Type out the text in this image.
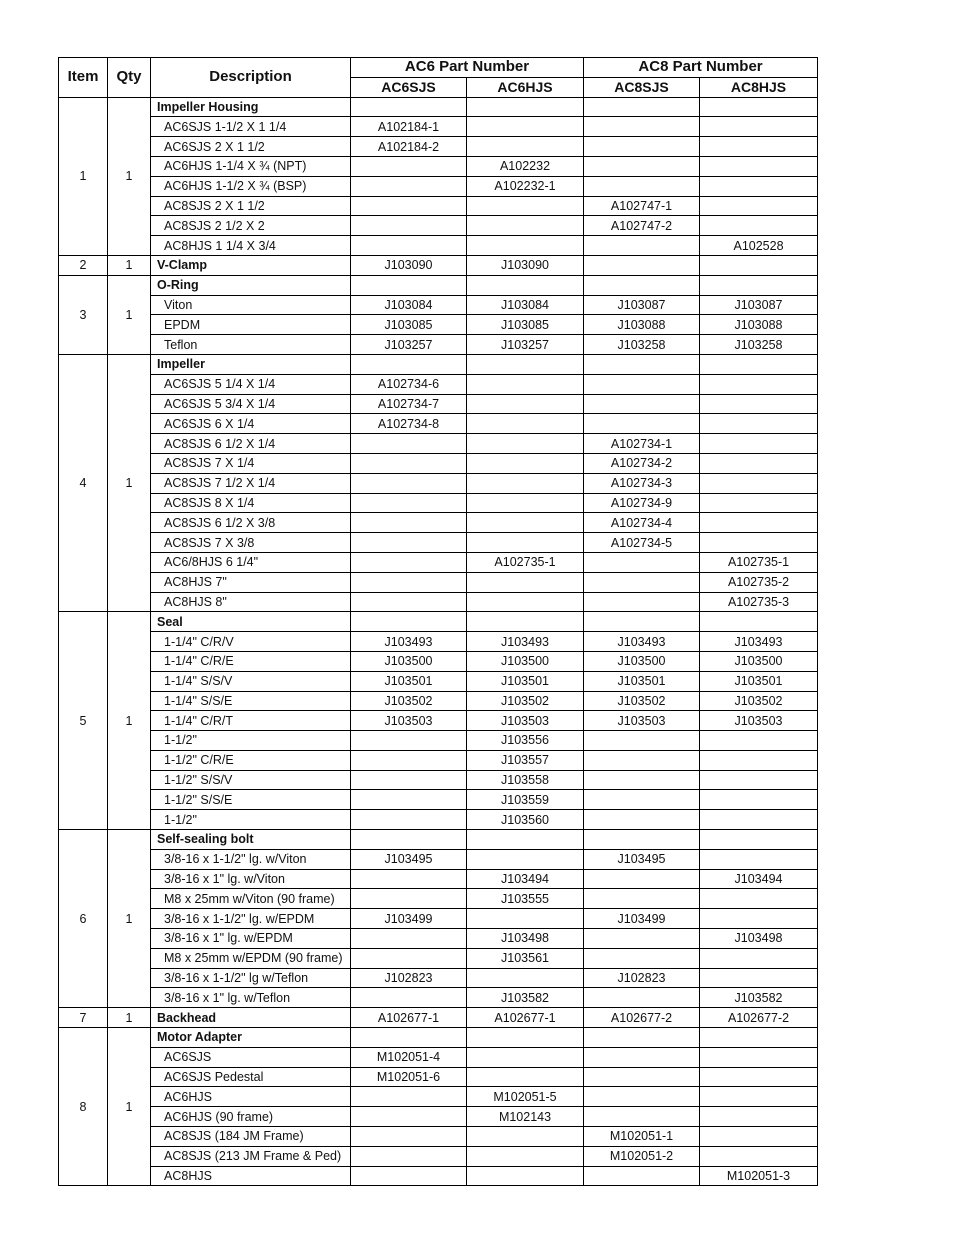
Item	Qty	Description	AC6 Part Number		AC8 Part Number	
			AC6SJS	AC6HJS	AC8SJS	AC8HJS
1	1	Impeller Housing				
		AC6SJS 1-1/2 X 1 1/4	A102184-1			
		AC6SJS 2 X 1 1/2	A102184-2			
		AC6HJS 1-1/4 X ¾ (NPT)		A102232		
		AC6HJS 1-1/2 X ¾ (BSP)		A102232-1		
		AC8SJS 2 X 1 1/2			A102747-1	
		AC8SJS 2 1/2 X 2			A102747-2	
		AC8HJS 1 1/4 X 3/4				A102528
2	1	V-Clamp	J103090	J103090		
3	1	O-Ring				
		Viton	J103084	J103084	J103087	J103087
		EPDM	J103085	J103085	J103088	J103088
		Teflon	J103257	J103257	J103258	J103258
4	1	Impeller				
		AC6SJS 5 1/4 X 1/4	A102734-6			
		AC6SJS 5 3/4 X 1/4	A102734-7			
		AC6SJS 6 X 1/4	A102734-8			
		AC8SJS 6 1/2 X 1/4			A102734-1	
		AC8SJS 7 X 1/4			A102734-2	
		AC8SJS 7 1/2 X 1/4			A102734-3	
		AC8SJS 8 X 1/4			A102734-9	
		AC8SJS 6 1/2 X 3/8			A102734-4	
		AC8SJS 7 X 3/8			A102734-5	
		AC6/8HJS 6 1/4"		A102735-1		A102735-1
		AC8HJS 7"				A102735-2
		AC8HJS 8"				A102735-3
5	1	Seal				
		1-1/4" C/R/V	J103493	J103493	J103493	J103493
		1-1/4" C/R/E	J103500	J103500	J103500	J103500
		1-1/4" S/S/V	J103501	J103501	J103501	J103501
		1-1/4" S/S/E	J103502	J103502	J103502	J103502
		1-1/4" C/R/T	J103503	J103503	J103503	J103503
		1-1/2"		J103556		
		1-1/2" C/R/E		J103557		
		1-1/2" S/S/V		J103558		
		1-1/2" S/S/E		J103559		
		1-1/2"		J103560		
6	1	Self-sealing bolt				
		3/8-16 x 1-1/2" lg. w/Viton	J103495		J103495	
		3/8-16 x 1" lg. w/Viton		J103494		J103494
		M8 x 25mm w/Viton (90 frame)		J103555		
		3/8-16 x 1-1/2" lg. w/EPDM	J103499		J103499	
		3/8-16 x 1" lg. w/EPDM		J103498		J103498
		M8 x 25mm w/EPDM (90 frame)		J103561		
		3/8-16 x 1-1/2" lg w/Teflon	J102823		J102823	
		3/8-16 x 1" lg. w/Teflon		J103582		J103582
7	1	Backhead	A102677-1	A102677-1	A102677-2	A102677-2
8	1	Motor Adapter				
		AC6SJS	M102051-4			
		AC6SJS Pedestal	M102051-6			
		AC6HJS		M102051-5		
		AC6HJS (90 frame)		M102143		
		AC8SJS (184 JM Frame)			M102051-1	
		AC8SJS (213 JM Frame & Ped)			M102051-2	
		AC8HJS				M102051-3
